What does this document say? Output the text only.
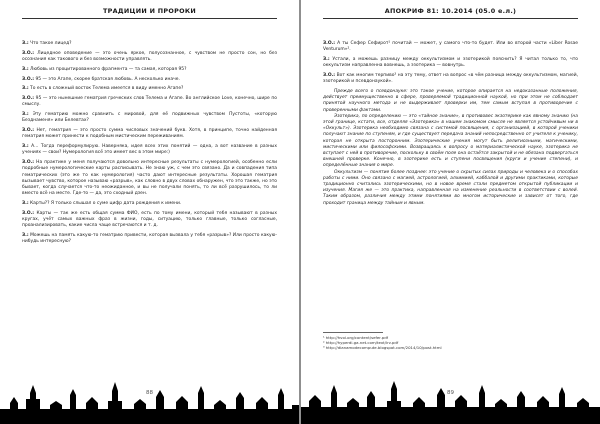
ТРАДИЦИИ И ПРОРОКИ

З.: Что такое лицед?

З.О.: Лицедное оповедение — это очень яркое, полусознанное, с чувством не просто сон, но без осознания как такового и без возможности управлять.

З.: Любовь из процитированного фрагмента — та самая, которая 95?

З.О.: 95 — это Агапе, скорее братская любовь. А несколько иначе.

З.: То есть в сложный восток Телема имеется в виду именно Агапе?

З.О.: 95 — это нынешние гематрия греческих слов Телема и Агапе. Во английское Love, конечно, шире по смыслу.

З.: Эту гематрию можно сравнить с мировой, для её подвижных чувством Пустоты, «которую Безднаменя» или Белевтах?

З.О.: Нет, гематрия — это просто сумма числовых значений букв. Хотя, в принципе, точно найденная гематрия может принести к подобным мистическим переживаниям.

З.: А... Тогда переформулирую. Наверняка, идея всех этих понятий — одна, а вот название в разных учениях — свои? Нумерология всё это имеет вес в этом мире:)

З.О.: На практике у меня получаются довольно интересные результаты с нумерологией, особенно если подробные нумерологические карты расписывать. Не знаю уж, с чем это связано. Да и совпадения типа гематрических (это же то как нумерология) часто дают интересные результаты. Хорошая гематрия вызывает чувство, которое называю «разрыв», как словно в двух словах обнаружен, что это также, но это бывает, когда случается что-то неожиданное, и вы не получали понять, то ли всё разрушилось, то ли вместо всё на месте. Где-то — да, это сходный дзен.

З.: Карты?? Я только слышал о суме цифр дата рождения к имени.

З.О.: Карты — так же есть общая сумма ФИО, есть по тому имени, который тебя называют в разных кругах, учёт самых важных фраз в жизни, годы, ситуацию, только главные, только согласные, проанализировать, какие числа чаще встречаются и т. д.

З.: Можешь на память какую-то гематрию привести, которая вызвала у тебя «разрыв»? Или просто какую-нибудь интересную?

88
АПОКРИФ 81: 10.2014 (05.0 е.л.)

З.О.: А ты Сефер Сефирот¹ почитай — может, у самого что-то будет. Или во второй части «Liber Rosae Venturum»².

З.: Устали, а можешь разницу между оккультизмом и эзотерикой пояснить? Я читал только то, что оккультизм направленна вовнешь, а эзотерика — вовнутрь.

З.О.: Вот как многим терпиво³ на эту тему, ответ на вопрос «в чём разница между оккультизмом, магией, эзотерикой и псевдонаукой».

Прежде всего о псевдонауке: это такое учение, которое опирается на недоказанные положения, действует преимущественно в сфере, проверяемой традиционной наукой, но при этом не соблюдает принятой научного метода и не выдерживает проверки им, тем самым вступая в противоречие с проверенными фактами.

Эзотерика, по определению — это «тайное знание», в противовес экзотерике как явному знанию (на этой границе, кстати, все, отделяя «Эзотерика» в нашем знакомом смысле не является устойчивым ни в «Оккульт»). Эзотерика необходимо связана с системой посвящения, с организацией, в которой ученики получают знание по ступеням, и где существует передача знаний непосредственно от учителя к ученику, которая не открыта посторонним. Эзотерические учения могут быть религиозными, магическими, мистическими или философскими. Возвращаясь к вопросу о материалистической науке, эзотерика не вступает с ней в противоречие, поскольку в своём поле она остаётся закрытой и не обязана подвергаться внешней проверке. Конечно, в эзотерике есть и ступени посвящения (круги и учение степени), и определённые знания о мире.

Оккультизм — понятие более позднее: это учение о скрытых силах природы и человека и о способах работы с ними. Оно связано с магией, астрологией, алхимией, каббалой и другими практиками, которые традиционно считались эзотерическими, но в новое время стали предметом открытой публикации и изучения. Магия же — это практика, направленная на изменение реальности в соответствии с волей. Таким образом, различия между этими понятиями во многом исторические и зависят от того, где проходит граница между тайным и явным.

¹ http://hvoi.org/content/sefer.pdf
² http://hyperdi.ga.net.com/text/lrv.pdf
³ http://dianamodecompute.blogspot.com/2014/10/post.html
89
